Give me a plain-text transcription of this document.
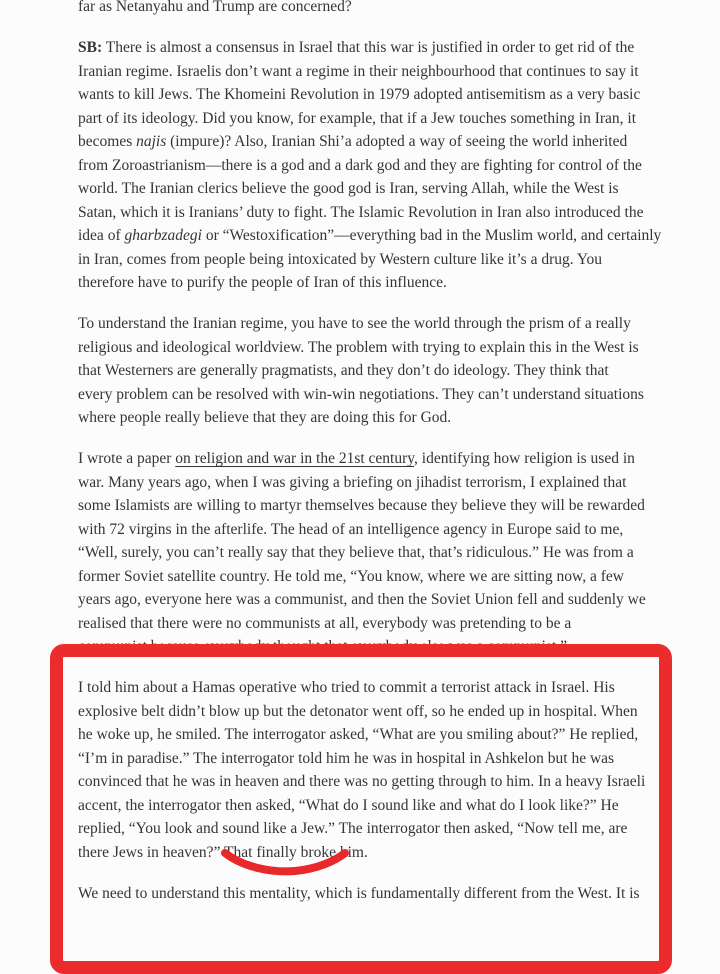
far as Netanyahu and Trump are concerned?
SB: There is almost a consensus in Israel that this war is justified in order to get rid of the
Iranian regime. Israelis don’t want a regime in their neighbourhood that continues to say it
wants to kill Jews. The Khomeini Revolution in 1979 adopted antisemitism as a very basic
part of its ideology. Did you know, for example, that if a Jew touches something in Iran, it
becomes najis (impure)? Also, Iranian Shi’a adopted a way of seeing the world inherited
from Zoroastrianism—there is a god and a dark god and they are fighting for control of the
world. The Iranian clerics believe the good god is Iran, serving Allah, while the West is
Satan, which it is Iranians’ duty to fight. The Islamic Revolution in Iran also introduced the
idea of gharbzadegi or “Westoxification”—everything bad in the Muslim world, and certainly
in Iran, comes from people being intoxicated by Western culture like it’s a drug. You
therefore have to purify the people of Iran of this influence.
To understand the Iranian regime, you have to see the world through the prism of a really
religious and ideological worldview. The problem with trying to explain this in the West is
that Westerners are generally pragmatists, and they don’t do ideology. They think that
every problem can be resolved with win-win negotiations. They can’t understand situations
where people really believe that they are doing this for God.
I wrote a paper on religion and war in the 21st century, identifying how religion is used in
war. Many years ago, when I was giving a briefing on jihadist terrorism, I explained that
some Islamists are willing to martyr themselves because they believe they will be rewarded
with 72 virgins in the afterlife. The head of an intelligence agency in Europe said to me,
“Well, surely, you can’t really say that they believe that, that’s ridiculous.” He was from a
former Soviet satellite country. He told me, “You know, where we are sitting now, a few
years ago, everyone here was a communist, and then the Soviet Union fell and suddenly we
realised that there were no communists at all, everybody was pretending to be a
communist because everybody thought that everybody else was a communist.”
I told him about a Hamas operative who tried to commit a terrorist attack in Israel. His
explosive belt didn’t blow up but the detonator went off, so he ended up in hospital. When
he woke up, he smiled. The interrogator asked, “What are you smiling about?” He replied,
“I’m in paradise.” The interrogator told him he was in hospital in Ashkelon but he was
convinced that he was in heaven and there was no getting through to him. In a heavy Israeli
accent, the interrogator then asked, “What do I sound like and what do I look like?” He
replied, “You look and sound like a Jew.” The interrogator then asked, “Now tell me, are
there Jews in heaven?” That finally broke him.
We need to understand this mentality, which is fundamentally different from the West. It is
